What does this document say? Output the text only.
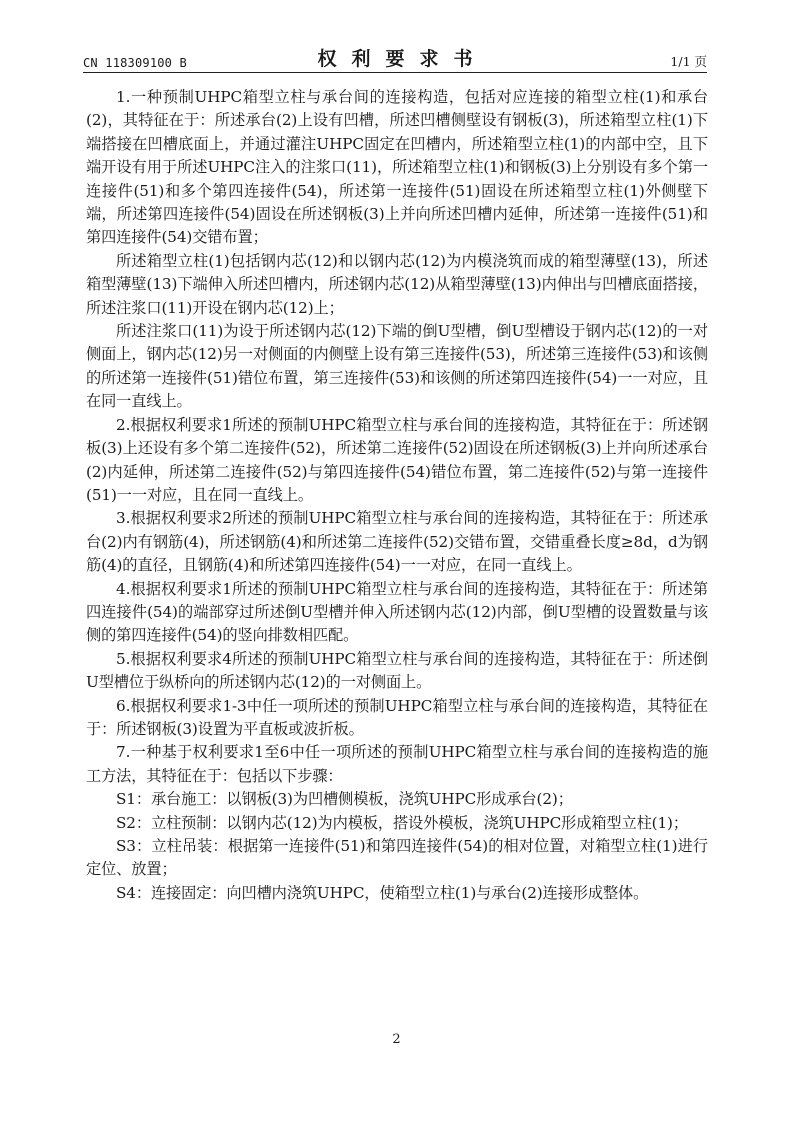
CN 118309100 B	权利要求书	1/1 页

1.一种预制UHPC箱型立柱与承台间的连接构造，包括对应连接的箱型立柱(1)和承台(2)，其特征在于：所述承台(2)上设有凹槽，所述凹槽侧壁设有钢板(3)，所述箱型立柱(1)下端搭接在凹槽底面上，并通过灌注UHPC固定在凹槽内，所述箱型立柱(1)的内部中空，且下端开设有用于所述UHPC注入的注浆口(11)，所述箱型立柱(1)和钢板(3)上分别设有多个第一连接件(51)和多个第四连接件(54)，所述第一连接件(51)固设在所述箱型立柱(1)外侧壁下端，所述第四连接件(54)固设在所述钢板(3)上并向所述凹槽内延伸，所述第一连接件(51)和第四连接件(54)交错布置；

所述箱型立柱(1)包括钢内芯(12)和以钢内芯(12)为内模浇筑而成的箱型薄壁(13)，所述箱型薄壁(13)下端伸入所述凹槽内，所述钢内芯(12)从箱型薄壁(13)内伸出与凹槽底面搭接，所述注浆口(11)开设在钢内芯(12)上；

所述注浆口(11)为设于所述钢内芯(12)下端的倒U型槽，倒U型槽设于钢内芯(12)的一对侧面上，钢内芯(12)另一对侧面的内侧壁上设有第三连接件(53)，所述第三连接件(53)和该侧的所述第一连接件(51)错位布置，第三连接件(53)和该侧的所述第四连接件(54)一一对应，且在同一直线上。

2.根据权利要求1所述的预制UHPC箱型立柱与承台间的连接构造，其特征在于：所述钢板(3)上还设有多个第二连接件(52)，所述第二连接件(52)固设在所述钢板(3)上并向所述承台(2)内延伸，所述第二连接件(52)与第四连接件(54)错位布置，第二连接件(52)与第一连接件(51)一一对应，且在同一直线上。

3.根据权利要求2所述的预制UHPC箱型立柱与承台间的连接构造，其特征在于：所述承台(2)内有钢筋(4)，所述钢筋(4)和所述第二连接件(52)交错布置，交错重叠长度≥8d，d为钢筋(4)的直径，且钢筋(4)和所述第四连接件(54)一一对应，在同一直线上。

4.根据权利要求1所述的预制UHPC箱型立柱与承台间的连接构造，其特征在于：所述第四连接件(54)的端部穿过所述倒U型槽并伸入所述钢内芯(12)内部，倒U型槽的设置数量与该侧的第四连接件(54)的竖向排数相匹配。

5.根据权利要求4所述的预制UHPC箱型立柱与承台间的连接构造，其特征在于：所述倒U型槽位于纵桥向的所述钢内芯(12)的一对侧面上。

6.根据权利要求1-3中任一项所述的预制UHPC箱型立柱与承台间的连接构造，其特征在于：所述钢板(3)设置为平直板或波折板。

7.一种基于权利要求1至6中任一项所述的预制UHPC箱型立柱与承台间的连接构造的施工方法，其特征在于：包括以下步骤：

S1：承台施工：以钢板(3)为凹槽侧模板，浇筑UHPC形成承台(2)；

S2：立柱预制：以钢内芯(12)为内模板，搭设外模板，浇筑UHPC形成箱型立柱(1)；

S3：立柱吊装：根据第一连接件(51)和第四连接件(54)的相对位置，对箱型立柱(1)进行定位、放置；

S4：连接固定：向凹槽内浇筑UHPC，使箱型立柱(1)与承台(2)连接形成整体。

2
